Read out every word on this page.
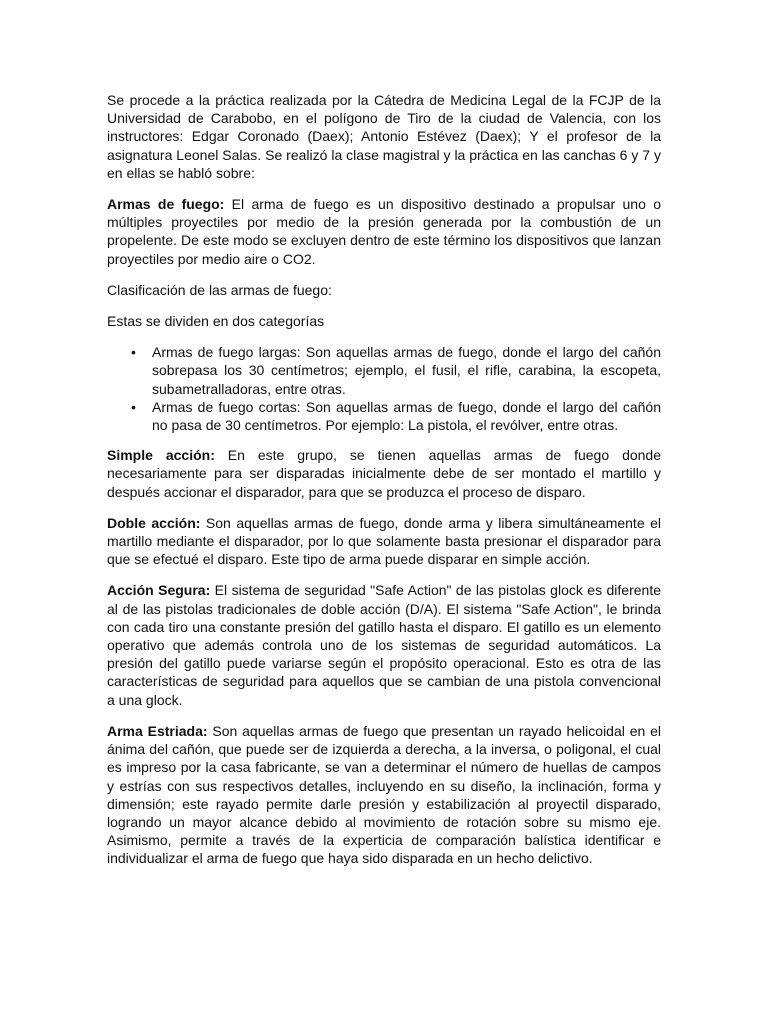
Se procede a la práctica realizada por la Cátedra de Medicina Legal de la FCJP de la Universidad de Carabobo, en el polígono de Tiro de la ciudad de Valencia, con los instructores: Edgar Coronado (Daex); Antonio Estévez (Daex); Y el profesor de la asignatura Leonel Salas. Se realizó la clase magistral y la práctica en las canchas 6 y 7 y en ellas se habló sobre:

Armas de fuego: El arma de fuego es un dispositivo destinado a propulsar uno o múltiples proyectiles por medio de la presión generada por la combustión de un propelente. De este modo se excluyen dentro de este término los dispositivos que lanzan proyectiles por medio aire o CO2.

Clasificación de las armas de fuego:

Estas se dividen en dos categorías

• Armas de fuego largas: Son aquellas armas de fuego, donde el largo del cañón sobrepasa los 30 centímetros; ejemplo, el fusil, el rifle, carabina, la escopeta, subametralladoras, entre otras.
• Armas de fuego cortas: Son aquellas armas de fuego, donde el largo del cañón no pasa de 30 centímetros. Por ejemplo: La pistola, el revólver, entre otras.

Simple acción: En este grupo, se tienen aquellas armas de fuego donde necesariamente para ser disparadas inicialmente debe de ser montado el martillo y después accionar el disparador, para que se produzca el proceso de disparo.

Doble acción: Son aquellas armas de fuego, donde arma y libera simultáneamente el martillo mediante el disparador, por lo que solamente basta presionar el disparador para que se efectué el disparo. Este tipo de arma puede disparar en simple acción.

Acción Segura: El sistema de seguridad "Safe Action" de las pistolas glock es diferente al de las pistolas tradicionales de doble acción (D/A). El sistema "Safe Action", le brinda con cada tiro una constante presión del gatillo hasta el disparo. El gatillo es un elemento operativo que además controla uno de los sistemas de seguridad automáticos. La presión del gatillo puede variarse según el propósito operacional. Esto es otra de las características de seguridad para aquellos que se cambian de una pistola convencional a una glock.

Arma Estriada: Son aquellas armas de fuego que presentan un rayado helicoidal en el ánima del cañón, que puede ser de izquierda a derecha, a la inversa, o poligonal, el cual es impreso por la casa fabricante, se van a determinar el número de huellas de campos y estrías con sus respectivos detalles, incluyendo en su diseño, la inclinación, forma y dimensión; este rayado permite darle presión y estabilización al proyectil disparado, logrando un mayor alcance debido al movimiento de rotación sobre su mismo eje. Asimismo, permite a través de la experticia de comparación balística identificar e individualizar el arma de fuego que haya sido disparada en un hecho delictivo.
